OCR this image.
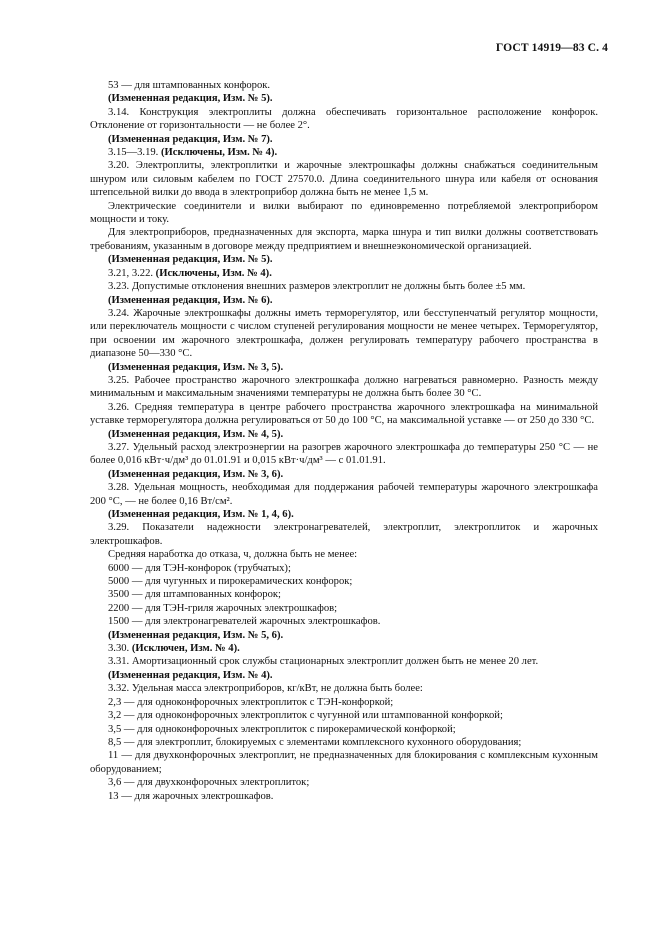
ГОСТ 14919—83 С. 4

53 — для штампованных конфорок.

(Измененная редакция, Изм. № 5).

3.14. Конструкция электроплиты должна обеспечивать горизонтальное расположение конфорок. Отклонение от горизонтальности — не более 2°.

(Измененная редакция, Изм. № 7).

3.15—3.19. (Исключены, Изм. № 4).

3.20. Электроплиты, электроплитки и жарочные электрошкафы должны снабжаться соединительным шнуром или силовым кабелем по ГОСТ 27570.0. Длина соединительного шнура или кабеля от основания штепсельной вилки до ввода в электроприбор должна быть не менее 1,5 м.

Электрические соединители и вилки выбирают по единовременно потребляемой электроприбором мощности и току.

Для электроприборов, предназначенных для экспорта, марка шнура и тип вилки должны соответствовать требованиям, указанным в договоре между предприятием и внешнеэкономической организацией.

(Измененная редакция, Изм. № 5).

3.21, 3.22. (Исключены, Изм. № 4).

3.23. Допустимые отклонения внешних размеров электроплит не должны быть более ±5 мм.

(Измененная редакция, Изм. № 6).

3.24. Жарочные электрошкафы должны иметь терморегулятор, или бесступенчатый регулятор мощности, или переключатель мощности с числом ступеней регулирования мощности не менее четырех. Терморегулятор, при освоении им жарочного электрошкафа, должен регулировать температуру рабочего пространства в диапазоне 50—330 °С.

(Измененная редакция, Изм. № 3, 5).

3.25. Рабочее пространство жарочного электрошкафа должно нагреваться равномерно. Разность между минимальным и максимальным значениями температуры не должна быть более 30 °С.

3.26. Средняя температура в центре рабочего пространства жарочного электрошкафа на минимальной уставке терморегулятора должна регулироваться от 50 до 100 °С, на максимальной уставке — от 250 до 330 °С.

(Измененная редакция, Изм. № 4, 5).

3.27. Удельный расход электроэнергии на разогрев жарочного электрошкафа до температуры 250 °С — не более 0,016 кВт·ч/дм³ до 01.01.91 и 0,015 кВт·ч/дм³ — с 01.01.91.

(Измененная редакция, Изм. № 3, 6).

3.28. Удельная мощность, необходимая для поддержания рабочей температуры жарочного электрошкафа 200 °С, — не более 0,16 Вт/см².

(Измененная редакция, Изм. № 1, 4, 6).

3.29. Показатели надежности электронагревателей, электроплит, электроплиток и жарочных электрошкафов.

Средняя наработка до отказа, ч, должна быть не менее:

6000 — для ТЭН-конфорок (трубчатых);

5000 — для чугунных и пирокерамических конфорок;

3500 — для штампованных конфорок;

2200 — для ТЭН-гриля жарочных электрошкафов;

1500 — для электронагревателей жарочных электрошкафов.

(Измененная редакция, Изм. № 5, 6).

3.30. (Исключен, Изм. № 4).

3.31. Амортизационный срок службы стационарных электроплит должен быть не менее 20 лет.

(Измененная редакция, Изм. № 4).

3.32. Удельная масса электроприборов, кг/кВт, не должна быть более:

2,3 — для одноконфорочных электроплиток с ТЭН-конфоркой;

3,2 — для одноконфорочных электроплиток с чугунной или штампованной конфоркой;

3,5 — для одноконфорочных электроплиток с пирокерамической конфоркой;

8,5 — для электроплит, блокируемых с элементами комплексного кухонного оборудования;

11 — для двухконфорочных электроплит, не предназначенных для блокирования с комплексным кухонным оборудованием;

3,6 — для двухконфорочных электроплиток;

13 — для жарочных электрошкафов.
